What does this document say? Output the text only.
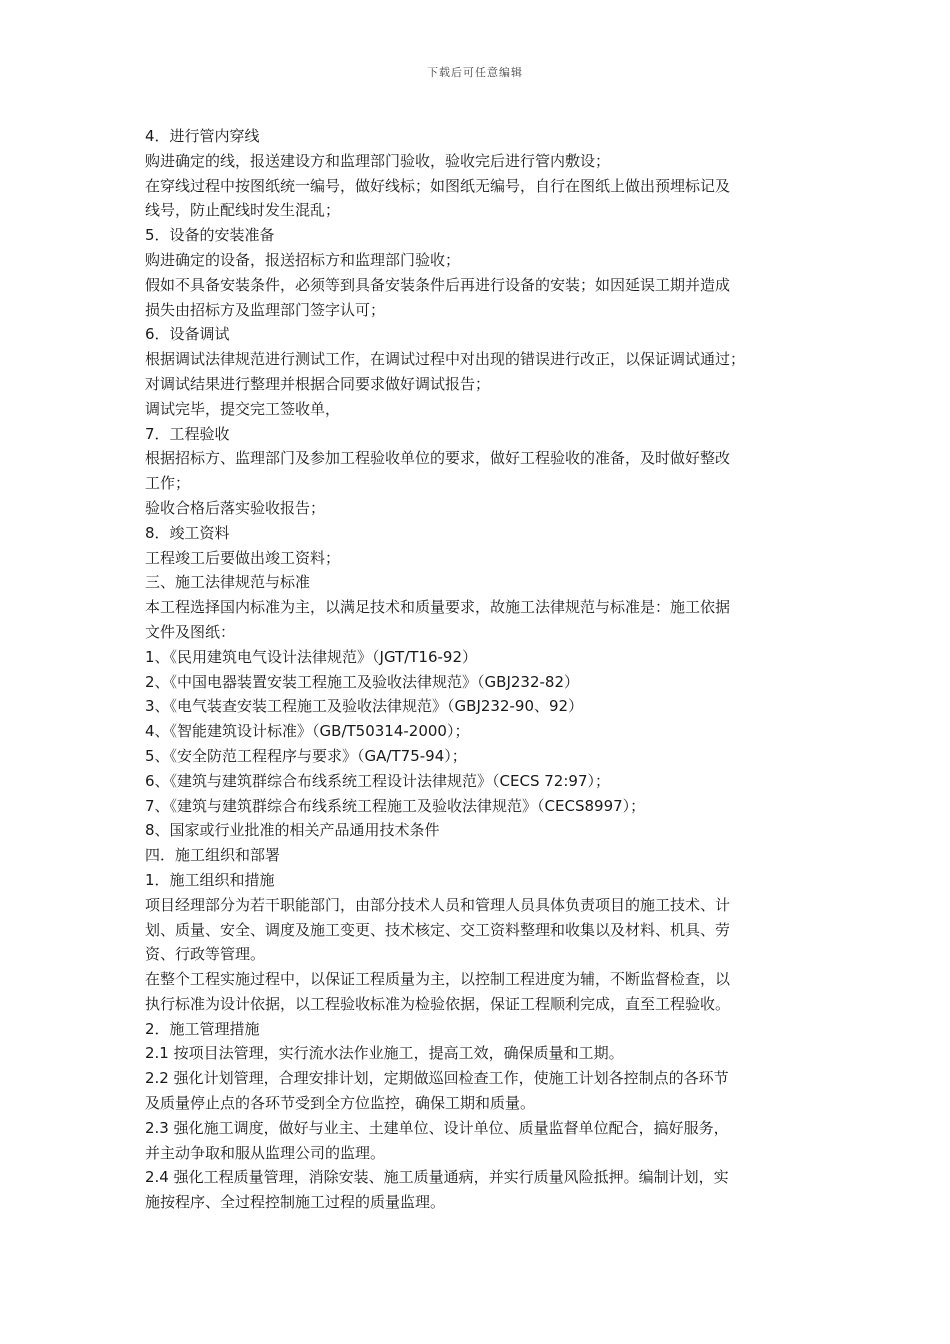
下载后可任意编辑
4．进行管内穿线
购进确定的线，报送建设方和监理部门验收，验收完后进行管内敷设；
在穿线过程中按图纸统一编号，做好线标；如图纸无编号，自行在图纸上做出预埋标记及
线号，防止配线时发生混乱；
5．设备的安装准备
购进确定的设备，报送招标方和监理部门验收；
假如不具备安装条件，必须等到具备安装条件后再进行设备的安装；如因延误工期并造成
损失由招标方及监理部门签字认可；
6．设备调试
根据调试法律规范进行测试工作，在调试过程中对出现的错误进行改正，以保证调试通过；
对调试结果进行整理并根据合同要求做好调试报告；
调试完毕，提交完工签收单，
7．工程验收
根据招标方、监理部门及参加工程验收单位的要求，做好工程验收的准备，及时做好整改
工作；
验收合格后落实验收报告；
8．竣工资料
工程竣工后要做出竣工资料；
三、施工法律规范与标准
本工程选择国内标准为主，以满足技术和质量要求，故施工法律规范与标准是：施工依据
文件及图纸：
1、《民用建筑电气设计法律规范》（JGT/T16-92）
2、《中国电器装置安装工程施工及验收法律规范》（GBJ232-82）
3、《电气装查安装工程施工及验收法律规范》（GBJ232-90、92）
4、《智能建筑设计标准》（GB/T50314-2000）；
5、《安全防范工程程序与要求》（GA/T75-94）；
6、《建筑与建筑群综合布线系统工程设计法律规范》（CECS 72:97）；
7、《建筑与建筑群综合布线系统工程施工及验收法律规范》（CECS8997）；
8、国家或行业批准的相关产品通用技术条件
四．施工组织和部署
1．施工组织和措施
项目经理部分为若干职能部门，由部分技术人员和管理人员具体负责项目的施工技术、计
划、质量、安全、调度及施工变更、技术核定、交工资料整理和收集以及材料、机具、劳
资、行政等管理。
在整个工程实施过程中，以保证工程质量为主，以控制工程进度为辅，不断监督检查，以
执行标准为设计依据，以工程验收标准为检验依据，保证工程顺利完成，直至工程验收。
2．施工管理措施
2.1 按项目法管理，实行流水法作业施工，提高工效，确保质量和工期。
2.2 强化计划管理，合理安排计划，定期做巡回检查工作，使施工计划各控制点的各环节
及质量停止点的各环节受到全方位监控，确保工期和质量。
2.3 强化施工调度，做好与业主、土建单位、设计单位、质量监督单位配合，搞好服务，
并主动争取和服从监理公司的监理。
2.4 强化工程质量管理，消除安装、施工质量通病，并实行质量风险抵押。编制计划，实
施按程序、全过程控制施工过程的质量监理。
